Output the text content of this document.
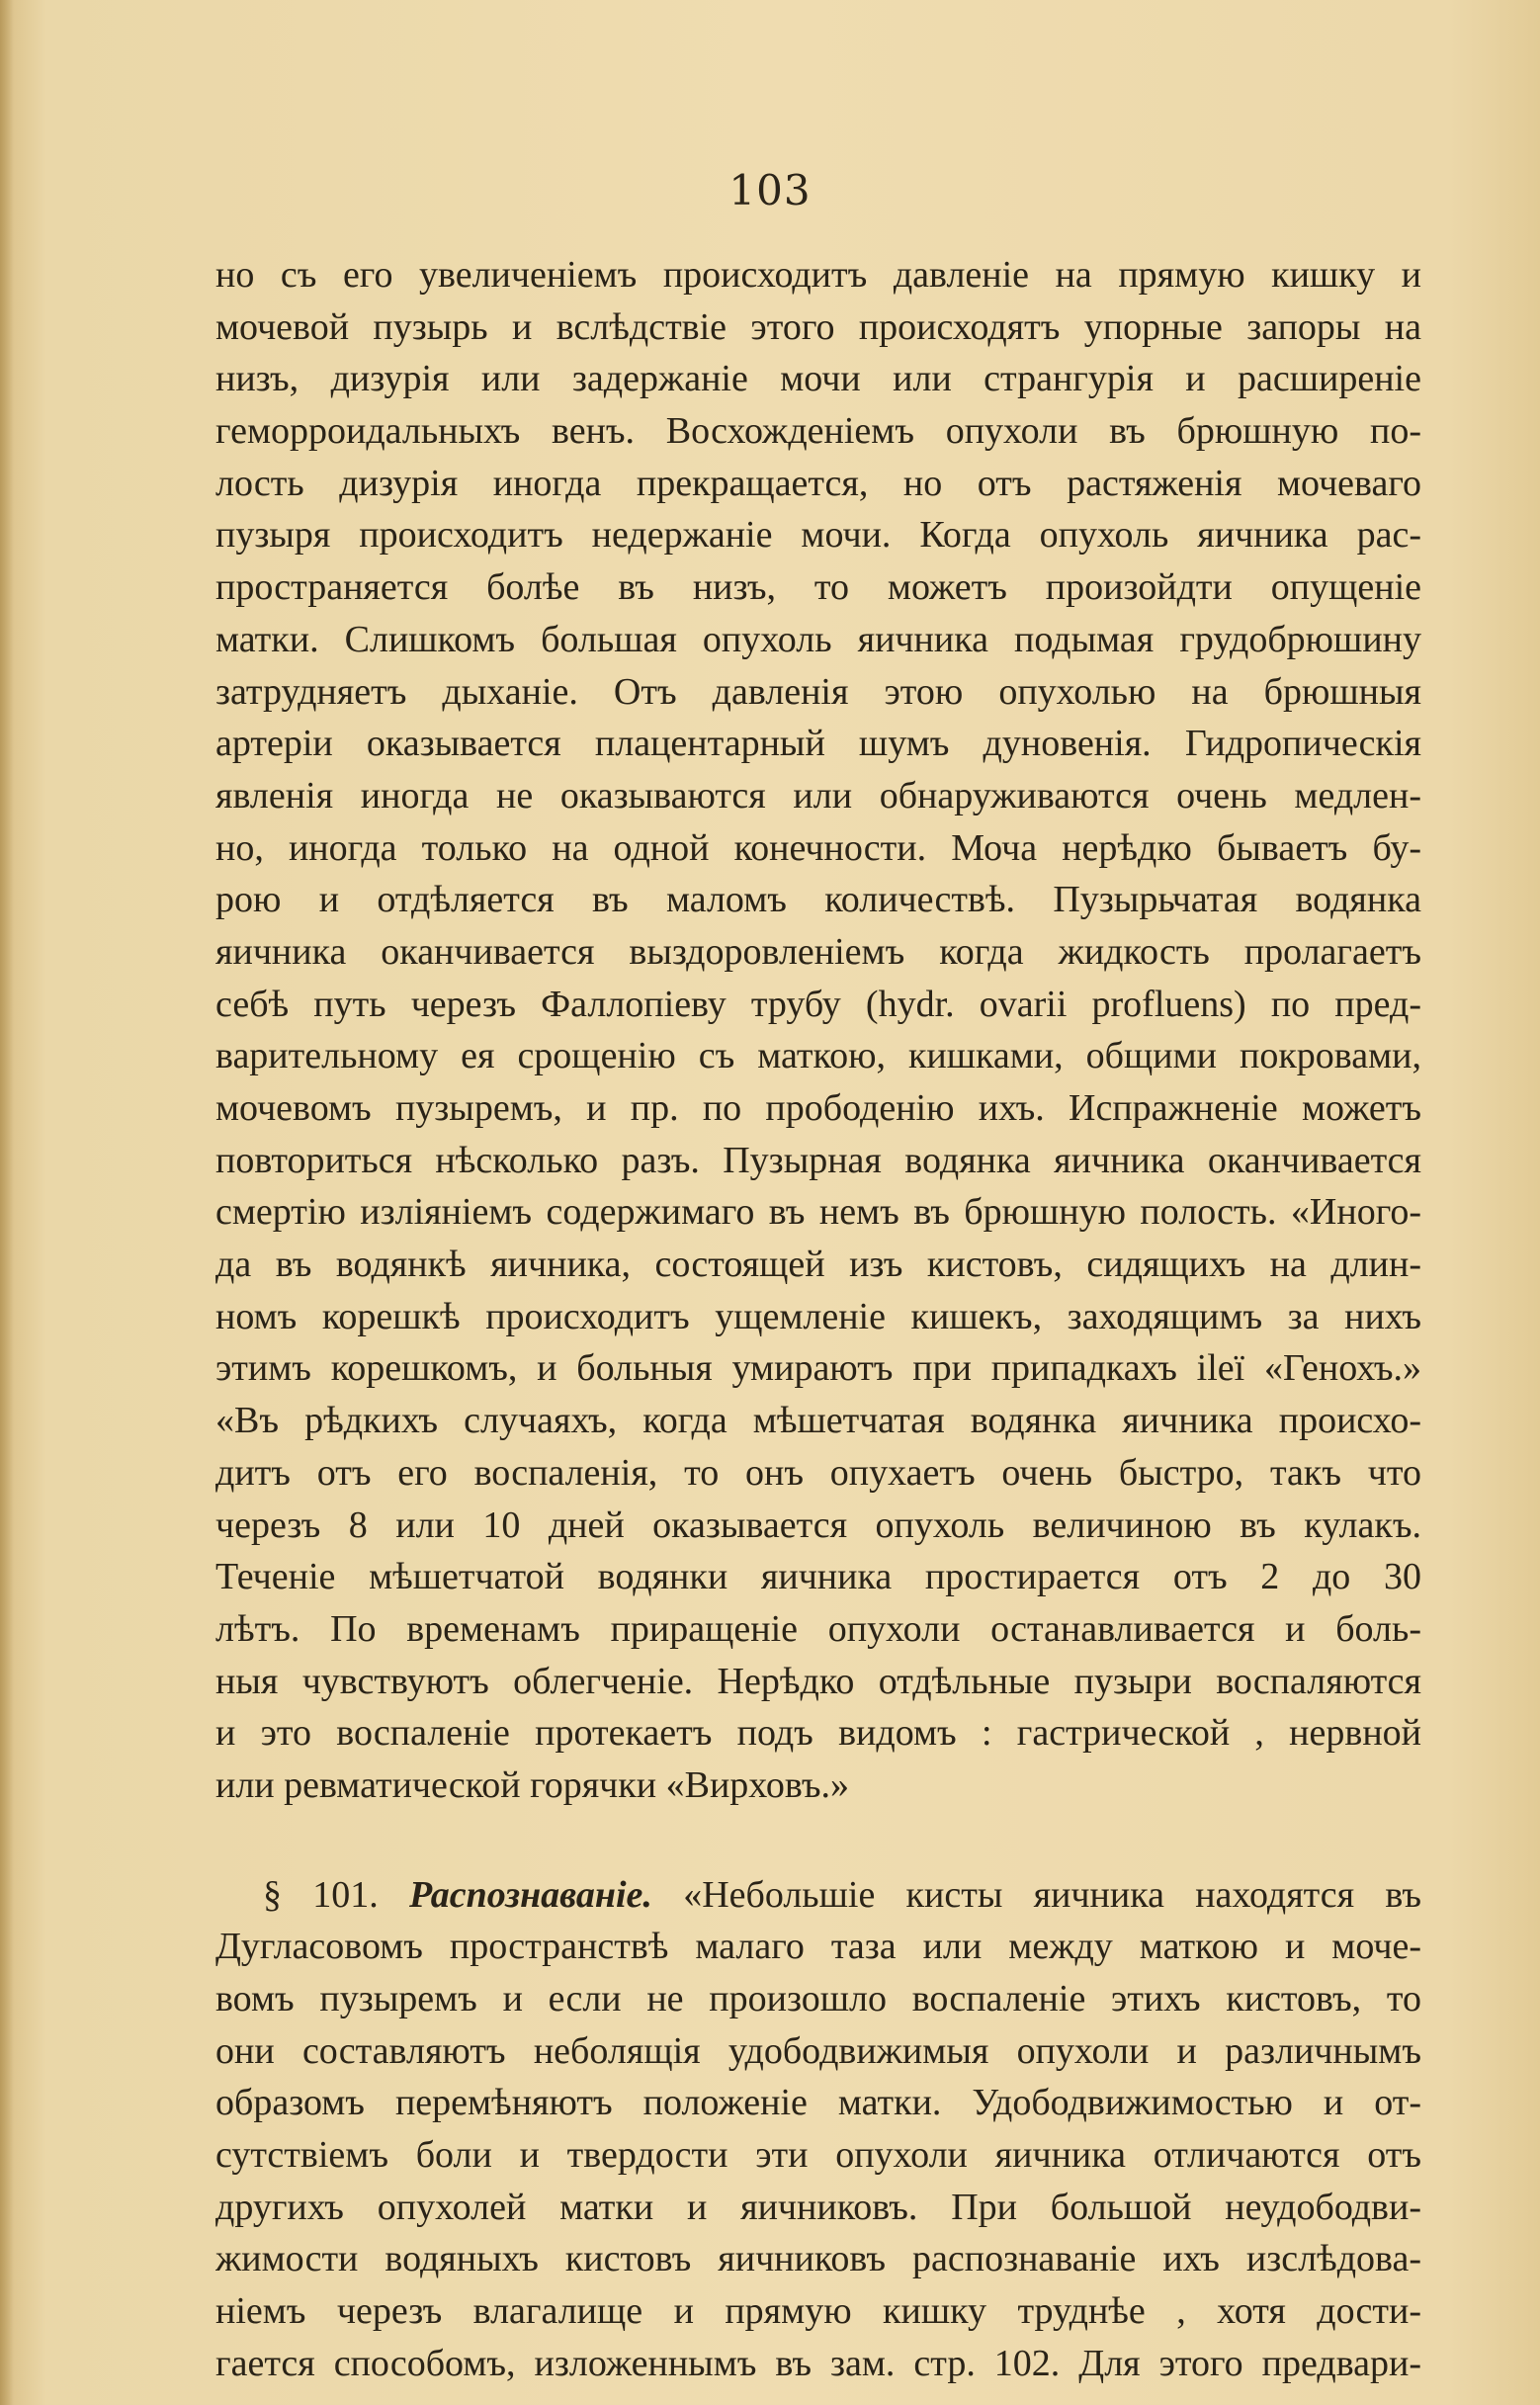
103
но съ его увеличеніемъ происходитъ давленіе на прямую кишку и
мочевой пузырь и вслѣдствіе этого происходятъ упорные запоры на
низъ, дизурія или задержаніе мочи или странгурія и расширеніе
геморроидальныхъ венъ. Восхожденіемъ опухоли въ брюшную по-
лость дизурія иногда прекращается, но отъ растяженія мочеваго
пузыря происходитъ недержаніе мочи. Когда опухоль яичника рас-
пространяется болѣе въ низъ, то можетъ произойдти опущеніе
матки. Слишкомъ большая опухоль яичника подымая грудобрюшину
затрудняетъ дыханіе. Отъ давленія этою опухолью на брюшныя
артеріи оказывается плацентарный шумъ дуновенія. Гидропическія
явленія иногда не оказываются или обнаруживаются очень медлен-
но, иногда только на одной конечности. Моча нерѣдко бываетъ бу-
рою и отдѣляется въ маломъ количествѣ. Пузырьчатая водянка
яичника оканчивается выздоровленіемъ когда жидкость пролагаетъ
себѣ путь черезъ Фаллопіеву трубу (hydr. ovarii profluens) по пред-
варительному ея срощенію съ маткою, кишками, общими покровами,
мочевомъ пузыремъ, и пр. по прободенію ихъ. Испражненіе можетъ
повториться нѣсколько разъ. Пузырная водянка яичника оканчивается
смертію изліяніемъ содержимаго въ немъ въ брюшную полость. «Иного-
да въ водянкѣ яичника, состоящей изъ кистовъ, сидящихъ на длин-
номъ корешкѣ происходитъ ущемленіе кишекъ, заходящимъ за нихъ
этимъ корешкомъ, и больныя умираютъ при припадкахъ ileï «Генохъ.»
«Въ рѣдкихъ случаяхъ, когда мѣшетчатая водянка яичника происхо-
дитъ отъ его воспаленія, то онъ опухаетъ очень быстро, такъ что
черезъ 8 или 10 дней оказывается опухоль величиною въ кулакъ.
Теченіе мѣшетчатой водянки яичника простирается отъ 2 до 30
лѣтъ. По временамъ приращеніе опухоли останавливается и боль-
ныя чувствуютъ облегченіе. Нерѣдко отдѣльные пузыри воспаляются
и это воспаленіе протекаетъ подъ видомъ : гастрической , нервной
или ревматической горячки «Вирховъ.»
§ 101. Распознаваніе. «Небольшіе кисты яичника находятся въ
Дугласовомъ пространствѣ малаго таза или между маткою и моче-
вомъ пузыремъ и если не произошло воспаленіе этихъ кистовъ, то
они составляютъ неболящія удободвижимыя опухоли и различнымъ
образомъ перемѣняютъ положеніе матки. Удободвижимостью и от-
сутствіемъ боли и твердости эти опухоли яичника отличаются отъ
другихъ опухолей матки и яичниковъ. При большой неудободви-
жимости водяныхъ кистовъ яичниковъ распознаваніе ихъ изслѣдова-
ніемъ черезъ влагалище и прямую кишку труднѣе , хотя дости-
гается способомъ, изложеннымъ въ зам. стр. 102. Для этого предвари-
